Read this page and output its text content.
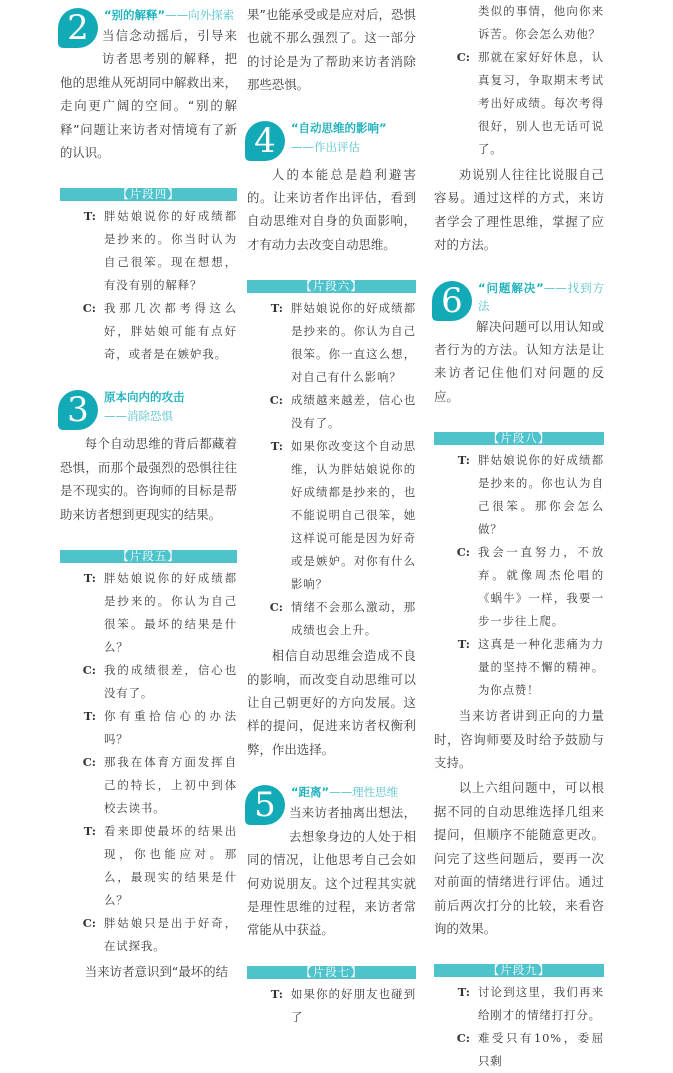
2	“别的解释”——向外探索
当信念动摇后，引导来访者思考别的解释，把他的思维从死胡同中解救出来，走向更广阔的空间。“别的解释”问题让来访者对情境有了新的认识。
【片段四】
T: 胖姑娘说你的好成绩都是抄来的。你当时认为自己很笨。现在想想，有没有别的解释？
C: 我那几次都考得这么好，胖姑娘可能有点好奇，或者是在嫉妒我。
3	原本向内的攻击
——消除恐惧
每个自动思维的背后都藏着恐惧，而那个最强烈的恐惧往往是不现实的。咨询师的目标是帮助来访者想到更现实的结果。
【片段五】
T: 胖姑娘说你的好成绩都是抄来的。你认为自己很笨。最坏的结果是什么？
C: 我的成绩很差，信心也没有了。
T: 你有重拾信心的办法吗？
C: 那我在体育方面发挥自己的特长，上初中到体校去读书。
T: 看来即使最坏的结果出现，你也能应对。那么，最现实的结果是什么？
C: 胖姑娘只是出于好奇，在试探我。
当来访者意识到“最坏的结
果”也能承受或是应对后，恐惧也就不那么强烈了。这一部分的讨论是为了帮助来访者消除那些恐惧。
4	“自动思维的影响”
——作出评估
人的本能总是趋利避害的。让来访者作出评估，看到自动思维对自身的负面影响，才有动力去改变自动思维。
【片段六】
T: 胖姑娘说你的好成绩都是抄来的。你认为自己很笨。你一直这么想，对自己有什么影响？
C: 成绩越来越差，信心也没有了。
T: 如果你改变这个自动思维，认为胖姑娘说你的好成绩都是抄来的，也不能说明自己很笨，她这样说可能是因为好奇或是嫉妒。对你有什么影响？
C: 情绪不会那么激动，那成绩也会上升。
相信自动思维会造成不良的影响，而改变自动思维可以让自己朝更好的方向发展。这样的提问，促进来访者权衡利弊，作出选择。
5	“距离”——理性思维
当来访者抽离出想法，去想象身边的人处于相同的情况，让他思考自己会如何劝说朋友。这个过程其实就是理性思维的过程，来访者常常能从中获益。
【片段七】
T: 如果你的好朋友也碰到了
类似的事情，他向你来诉苦。你会怎么劝他？
C: 那就在家好好休息，认真复习，争取期末考试考出好成绩。每次考得很好，别人也无话可说了。
劝说别人往往比说服自己容易。通过这样的方式，来访者学会了理性思维，掌握了应对的方法。
6	“问题解决”——找到方法
解决问题可以用认知或者行为的方法。认知方法是让来访者记住他们对问题的反应。
【片段八】
T: 胖姑娘说你的好成绩都是抄来的。你也认为自己很笨。那你会怎么做？
C: 我会一直努力，不放弃。就像周杰伦唱的《蜗牛》一样，我要一步一步往上爬。
T: 这真是一种化悲痛为力量的坚持不懈的精神。为你点赞！
当来访者讲到正向的力量时，咨询师要及时给予鼓励与支持。
以上六组问题中，可以根据不同的自动思维选择几组来提问，但顺序不能随意更改。问完了这些问题后，要再一次对前面的情绪进行评估。通过前后两次打分的比较，来看咨询的效果。
【片段九】
T: 讨论到这里，我们再来给刚才的情绪打打分。
C: 难受只有10%，委屈只剩
